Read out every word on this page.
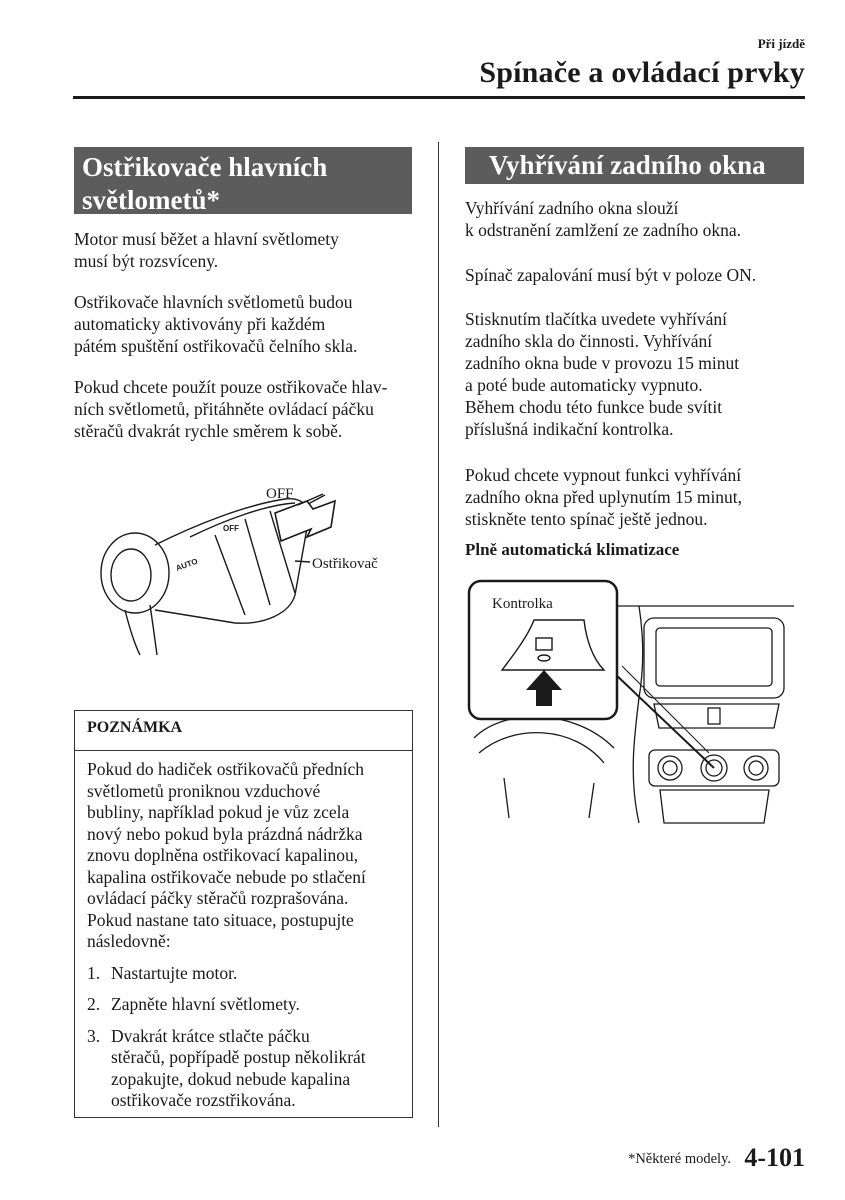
Při jízdě
Spínače a ovládací prvky
Ostřikovače hlavních
světlometů*

Motor musí běžet a hlavní světlomety

musí být rozsvíceny.

Ostřikovače hlavních světlometů budou

automaticky aktivovány při každém

pátém spuštění ostřikovačů čelního skla.

Pokud chcete použít pouze ostřikovače hlav-

ních světlometů, přitáhněte ovládací páčku

stěračů dvakrát rychle směrem k sobě.

OFF
AUTO
OFF
Ostřikovač
POZNÁMKA
Pokud do hadiček ostřikovačů předních
světlometů proniknou vzduchové
bubliny, například pokud je vůz zcela
nový nebo pokud byla prázdná nádržka
znovu doplněna ostřikovací kapalinou,
kapalina ostřikovače nebude po stlačení
ovládací páčky stěračů rozprašována.
Pokud nastane tato situace, postupujte
následovně:
1. Nastartujte motor.
2. Zapněte hlavní světlomety.
3. Dvakrát krátce stlačte páčku
stěračů, popřípadě postup několikrát
zopakujte, dokud nebude kapalina
ostřikovače rozstřikována.
Vyhřívání zadního okna

Vyhřívání zadního okna slouží

k odstranění zamlžení ze zadního okna.

Spínač zapalování musí být v poloze ON.

Stisknutím tlačítka uvedete vyhřívání

zadního skla do činnosti. Vyhřívání

zadního okna bude v provozu 15 minut

a poté bude automaticky vypnuto.

Během chodu této funkce bude svítit

příslušná indikační kontrolka.

Pokud chcete vypnout funkci vyhřívání

zadního okna před uplynutím 15 minut,

stiskněte tento spínač ještě jednou.

Plně automatická klimatizace
Kontrolka
*Některé modely. 4-101
